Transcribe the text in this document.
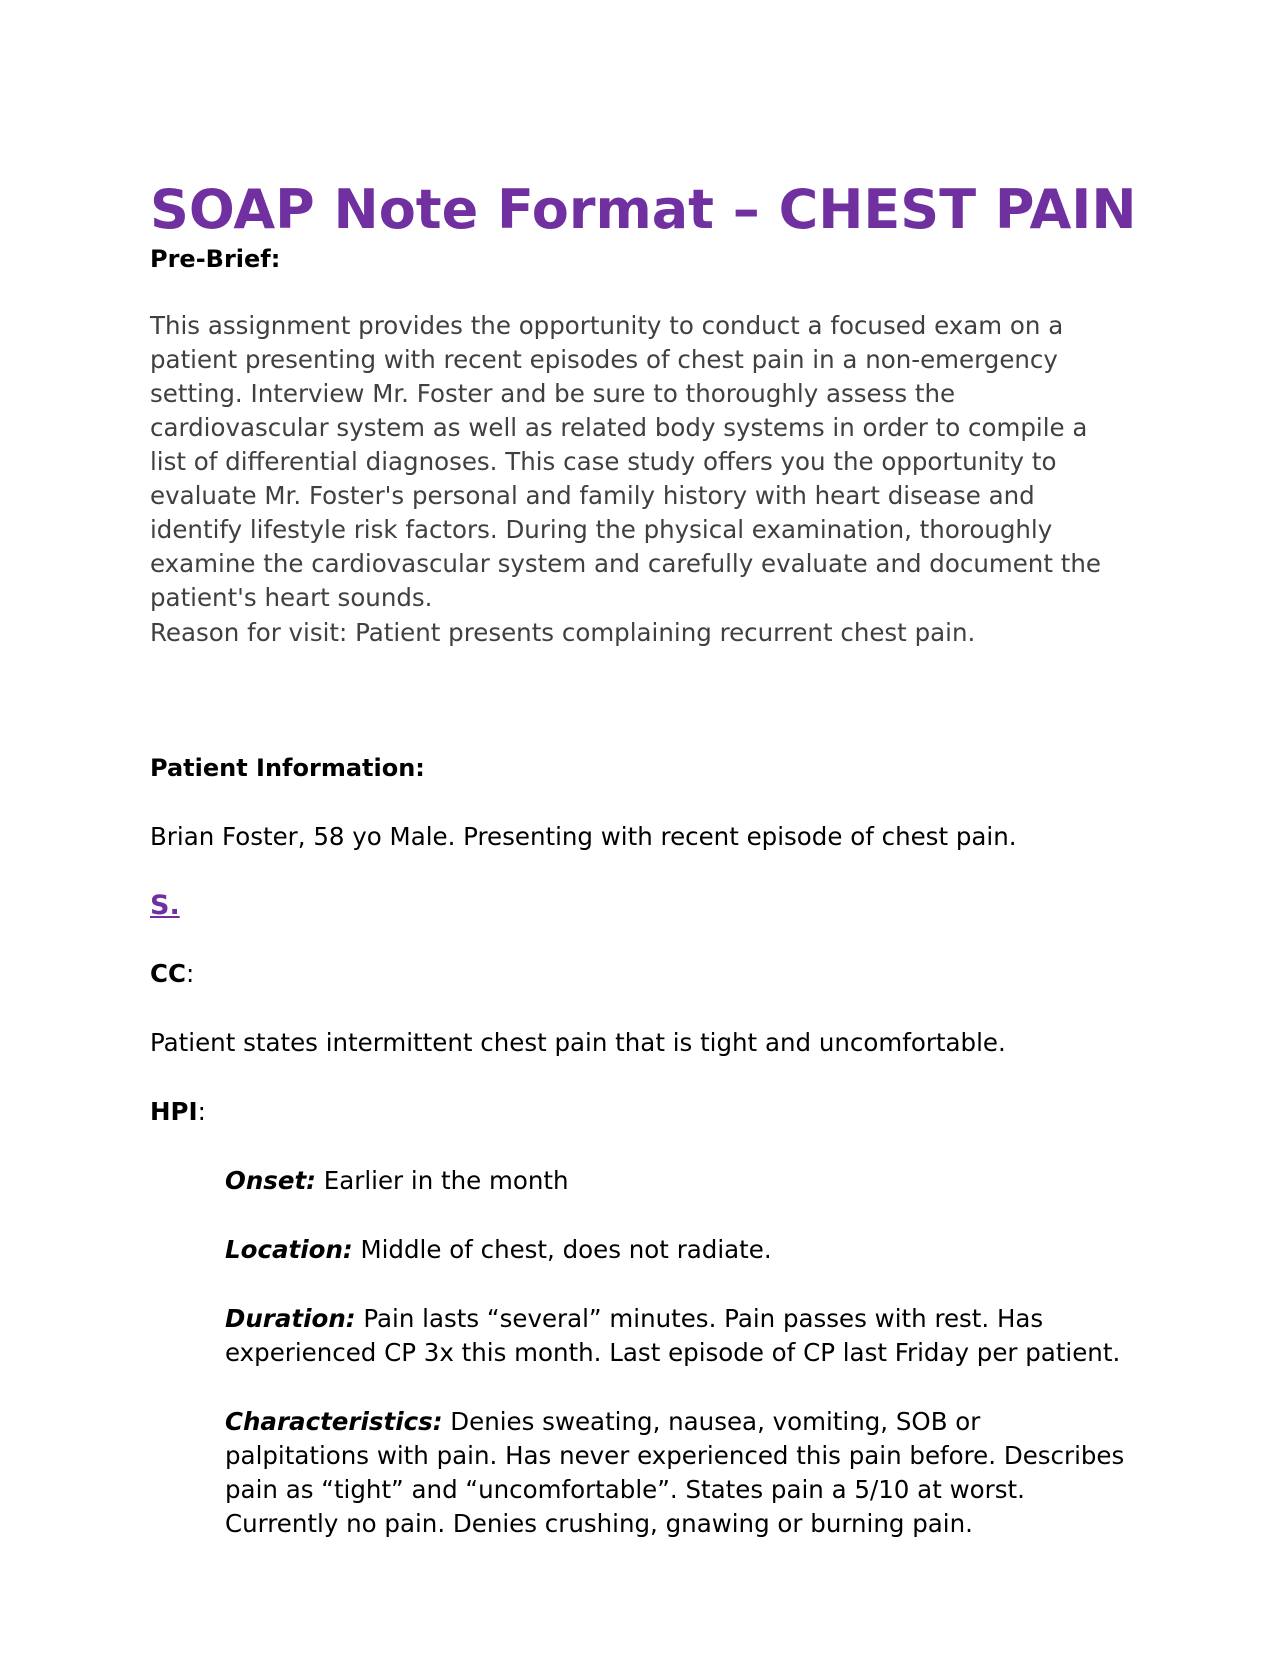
SOAP Note Format – CHEST PAIN

Pre-Brief:

This assignment provides the opportunity to conduct a focused exam on a patient presenting with recent episodes of chest pain in a non-emergency setting. Interview Mr. Foster and be sure to thoroughly assess the cardiovascular system as well as related body systems in order to compile a list of differential diagnoses. This case study offers you the opportunity to evaluate Mr. Foster's personal and family history with heart disease and identify lifestyle risk factors. During the physical examination, thoroughly examine the cardiovascular system and carefully evaluate and document the patient's heart sounds.

Reason for visit: Patient presents complaining recurrent chest pain.

Patient Information:

Brian Foster, 58 yo Male. Presenting with recent episode of chest pain.

S.

CC:

Patient states intermittent chest pain that is tight and uncomfortable.

HPI:

Onset: Earlier in the month

Location: Middle of chest, does not radiate.

Duration: Pain lasts “several” minutes. Pain passes with rest. Has experienced CP 3x this month. Last episode of CP last Friday per patient.

Characteristics: Denies sweating, nausea, vomiting, SOB or palpitations with pain. Has never experienced this pain before. Describes pain as “tight” and “uncomfortable”. States pain a 5/10 at worst. Currently no pain. Denies crushing, gnawing or burning pain.
